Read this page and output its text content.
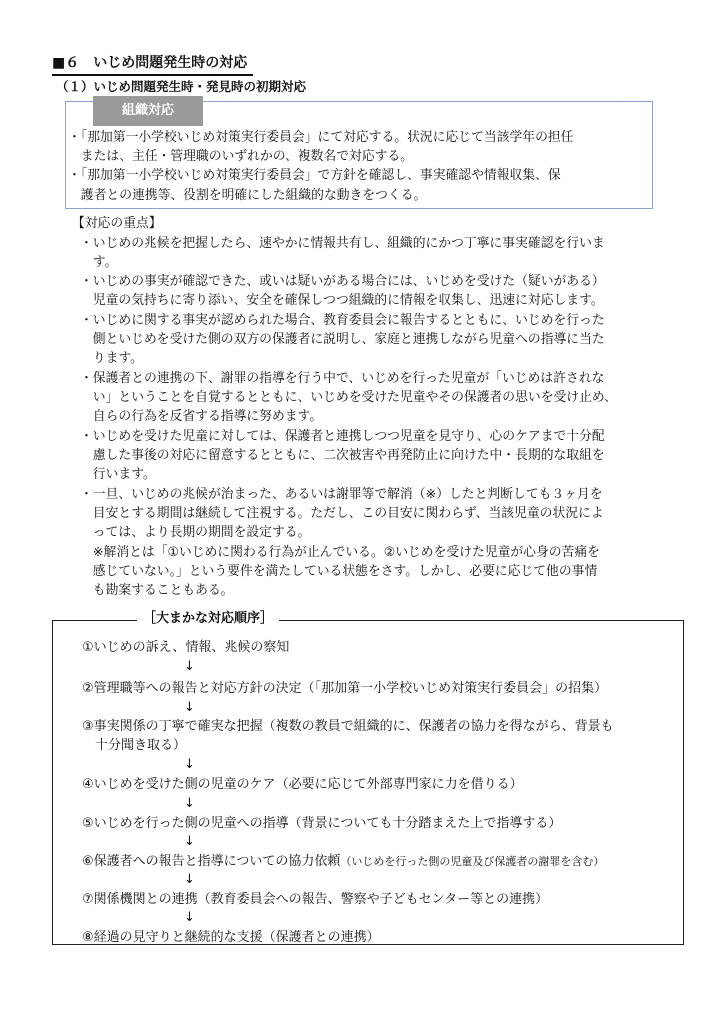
■６　いじめ問題発生時の対応
（１）いじめ問題発生時・発見時の初期対応
組織対応
・「那加第一小学校いじめ対策実行委員会」にて対応する。状況に応じて当該学年の担任
　または、主任・管理職のいずれかの、複数名で対応する。
・「那加第一小学校いじめ対策実行委員会」で方針を確認し、事実確認や情報収集、保
　護者との連携等、役割を明確にした組織的な動きをつくる。
【対応の重点】
・いじめの兆候を把握したら、速やかに情報共有し、組織的にかつ丁寧に事実確認を行いま
　す。
・いじめの事実が確認できた、或いは疑いがある場合には、いじめを受けた（疑いがある）
　児童の気持ちに寄り添い、安全を確保しつつ組織的に情報を収集し、迅速に対応します。
・いじめに関する事実が認められた場合、教育委員会に報告するとともに、いじめを行った
　側といじめを受けた側の双方の保護者に説明し、家庭と連携しながら児童への指導に当た
　ります。
・保護者との連携の下、謝罪の指導を行う中で、いじめを行った児童が「いじめは許されな
　い」ということを自覚するとともに、いじめを受けた児童やその保護者の思いを受け止め、
　自らの行為を反省する指導に努めます。
・いじめを受けた児童に対しては、保護者と連携しつつ児童を見守り、心のケアまで十分配
　慮した事後の対応に留意するとともに、二次被害や再発防止に向けた中・長期的な取組を
　行います。
・一旦、いじめの兆候が治まった、あるいは謝罪等で解消（※）したと判断しても３ヶ月を
　目安とする期間は継続して注視する。ただし、この目安に関わらず、当該児童の状況によ
　っては、より長期の期間を設定する。
　※解消とは「①いじめに関わる行為が止んでいる。②いじめを受けた児童が心身の苦痛を
　感じていない。」という要件を満たしている状態をさす。しかし、必要に応じて他の事情
　も勘案することもある。
［大まかな対応順序］
①いじめの訴え、情報、兆候の察知
↓
②管理職等への報告と対応方針の決定（「那加第一小学校いじめ対策実行委員会」の招集）
↓
③事実関係の丁寧で確実な把握（複数の教員で組織的に、保護者の協力を得ながら、背景も
　十分聞き取る）
↓
④いじめを受けた側の児童のケア（必要に応じて外部専門家に力を借りる）
↓
⑤いじめを行った側の児童への指導（背景についても十分踏まえた上で指導する）
↓
⑥保護者への報告と指導についての協力依頼（いじめを行った側の児童及び保護者の謝罪を含む）
↓
⑦関係機関との連携（教育委員会への報告、警察や子どもセンター等との連携）
↓
⑧経過の見守りと継続的な支援（保護者との連携）
